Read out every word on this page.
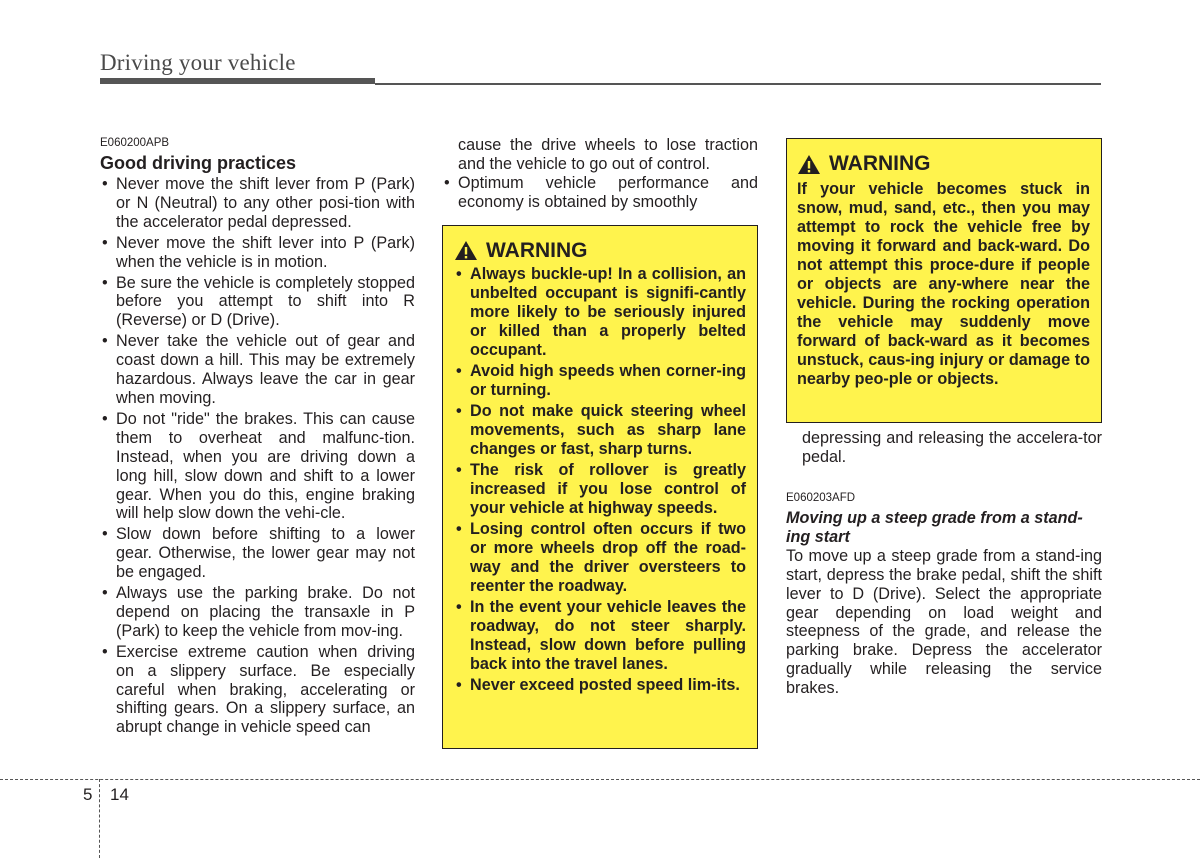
Driving your vehicle
E060200APB
Good driving practices
• Never move the shift lever from P (Park) or N (Neutral) to any other posi-tion with the accelerator pedal depressed.
• Never move the shift lever into P (Park) when the vehicle is in motion.
• Be sure the vehicle is completely stopped before you attempt to shift into R (Reverse) or D (Drive).
• Never take the vehicle out of gear and coast down a hill. This may be extremely hazardous. Always leave the car in gear when moving.
• Do not "ride" the brakes. This can cause them to overheat and malfunc-tion. Instead, when you are driving down a long hill, slow down and shift to a lower gear. When you do this, engine braking will help slow down the vehi-cle.
• Slow down before shifting to a lower gear. Otherwise, the lower gear may not be engaged.
• Always use the parking brake. Do not depend on placing the transaxle in P (Park) to keep the vehicle from mov-ing.
• Exercise extreme caution when driving on a slippery surface. Be especially careful when braking, accelerating or shifting gears. On a slippery surface, an abrupt change in vehicle speed can
cause the drive wheels to lose traction and the vehicle to go out of control.
• Optimum vehicle performance and economy is obtained by smoothly
WARNING
• Always buckle-up! In a collision, an unbelted occupant is signifi-cantly more likely to be seriously injured or killed than a properly belted occupant.
• Avoid high speeds when corner-ing or turning.
• Do not make quick steering wheel movements, such as sharp lane changes or fast, sharp turns.
• The risk of rollover is greatly increased if you lose control of your vehicle at highway speeds.
• Losing control often occurs if two or more wheels drop off the road-way and the driver oversteers to reenter the roadway.
• In the event your vehicle leaves the roadway, do not steer sharply. Instead, slow down before pulling back into the travel lanes.
• Never exceed posted speed lim-its.
WARNING
If your vehicle becomes stuck in snow, mud, sand, etc., then you may attempt to rock the vehicle free by moving it forward and back-ward. Do not attempt this proce-dure if people or objects are any-where near the vehicle. During the rocking operation the vehicle may suddenly move forward of back-ward as it becomes unstuck, caus-ing injury or damage to nearby peo-ple or objects.
depressing and releasing the accelera-tor pedal.
E060203AFD
Moving up a steep grade from a stand-ing start
To move up a steep grade from a stand-ing start, depress the brake pedal, shift the shift lever to D (Drive). Select the appropriate gear depending on load weight and steepness of the grade, and release the parking brake. Depress the accelerator gradually while releasing the service brakes.
5 14
